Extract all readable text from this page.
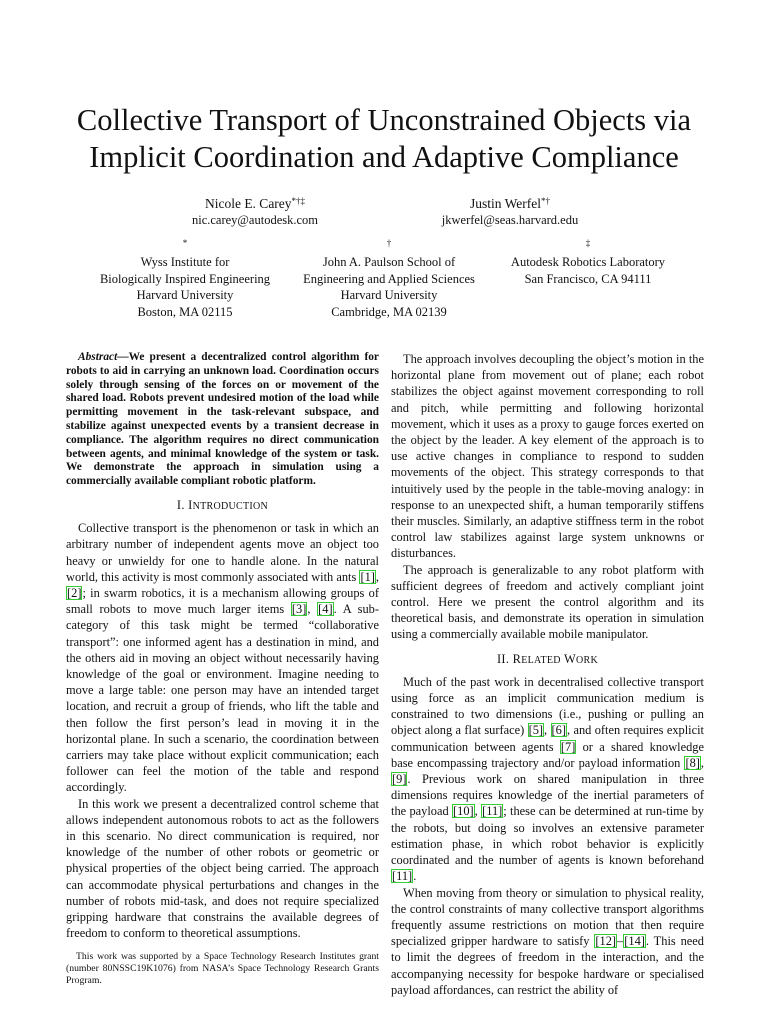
Collective Transport of Unconstrained Objects via
Implicit Coordination and Adaptive Compliance
Nicole E. Carey*†‡
nic.carey@autodesk.com
Justin Werfel*†
jkwerfel@seas.harvard.edu
*
Wyss Institute for
Biologically Inspired Engineering
Harvard University
Boston, MA 02115
†
John A. Paulson School of
Engineering and Applied Sciences
Harvard University
Cambridge, MA 02139
‡
Autodesk Robotics Laboratory
San Francisco, CA 94111

Abstract—We present a decentralized control algorithm for robots to aid in carrying an unknown load. Coordination occurs solely through sensing of the forces on or movement of the shared load. Robots prevent undesired motion of the load while permitting movement in the task-relevant subspace, and stabilize against unexpected events by a transient decrease in compliance. The algorithm requires no direct communication between agents, and minimal knowledge of the system or task. We demonstrate the approach in simulation using a commercially available compliant robotic platform.

I. INTRODUCTION

Collective transport is the phenomenon or task in which an arbitrary number of independent agents move an object too heavy or unwieldy for one to handle alone. In the natural world, this activity is most commonly associated with ants [1], [2]; in swarm robotics, it is a mechanism allowing groups of small robots to move much larger items [3], [4]. A sub-category of this task might be termed “collaborative transport”: one informed agent has a destination in mind, and the others aid in moving an object without necessarily having knowledge of the goal or environment. Imagine needing to move a large table: one person may have an intended target location, and recruit a group of friends, who lift the table and then follow the first person’s lead in moving it in the horizontal plane. In such a scenario, the coordination between carriers may take place without explicit communication; each follower can feel the motion of the table and respond accordingly.

In this work we present a decentralized control scheme that allows independent autonomous robots to act as the followers in this scenario. No direct communication is required, nor knowledge of the number of other robots or geometric or physical properties of the object being carried. The approach can accommodate physical perturbations and changes in the number of robots mid-task, and does not require specialized gripping hardware that constrains the available degrees of freedom to conform to theoretical assumptions.

This work was supported by a Space Technology Research Institutes grant (number 80NSSC19K1076) from NASA’s Space Technology Research Grants Program.

The approach involves decoupling the object’s motion in the horizontal plane from movement out of plane; each robot stabilizes the object against movement corresponding to roll and pitch, while permitting and following horizontal movement, which it uses as a proxy to gauge forces exerted on the object by the leader. A key element of the approach is to use active changes in compliance to respond to sudden movements of the object. This strategy corresponds to that intuitively used by the people in the table-moving analogy: in response to an unexpected shift, a human temporarily stiffens their muscles. Similarly, an adaptive stiffness term in the robot control law stabilizes against large system unknowns or disturbances.

The approach is generalizable to any robot platform with sufficient degrees of freedom and actively compliant joint control. Here we present the control algorithm and its theoretical basis, and demonstrate its operation in simulation using a commercially available mobile manipulator.

II. RELATED WORK

Much of the past work in decentralised collective transport using force as an implicit communication medium is constrained to two dimensions (i.e., pushing or pulling an object along a flat surface) [5], [6], and often requires explicit communication between agents [7] or a shared knowledge base encompassing trajectory and/or payload information [8], [9]. Previous work on shared manipulation in three dimensions requires knowledge of the inertial parameters of the payload [10], [11]; these can be determined at run-time by the robots, but doing so involves an extensive parameter estimation phase, in which robot behavior is explicitly coordinated and the number of agents is known beforehand [11].

When moving from theory or simulation to physical reality, the control constraints of many collective transport algorithms frequently assume restrictions on motion that then require specialized gripper hardware to satisfy [12]–[14]. This need to limit the degrees of freedom in the interaction, and the accompanying necessity for bespoke hardware or specialised payload affordances, can restrict the ability of
